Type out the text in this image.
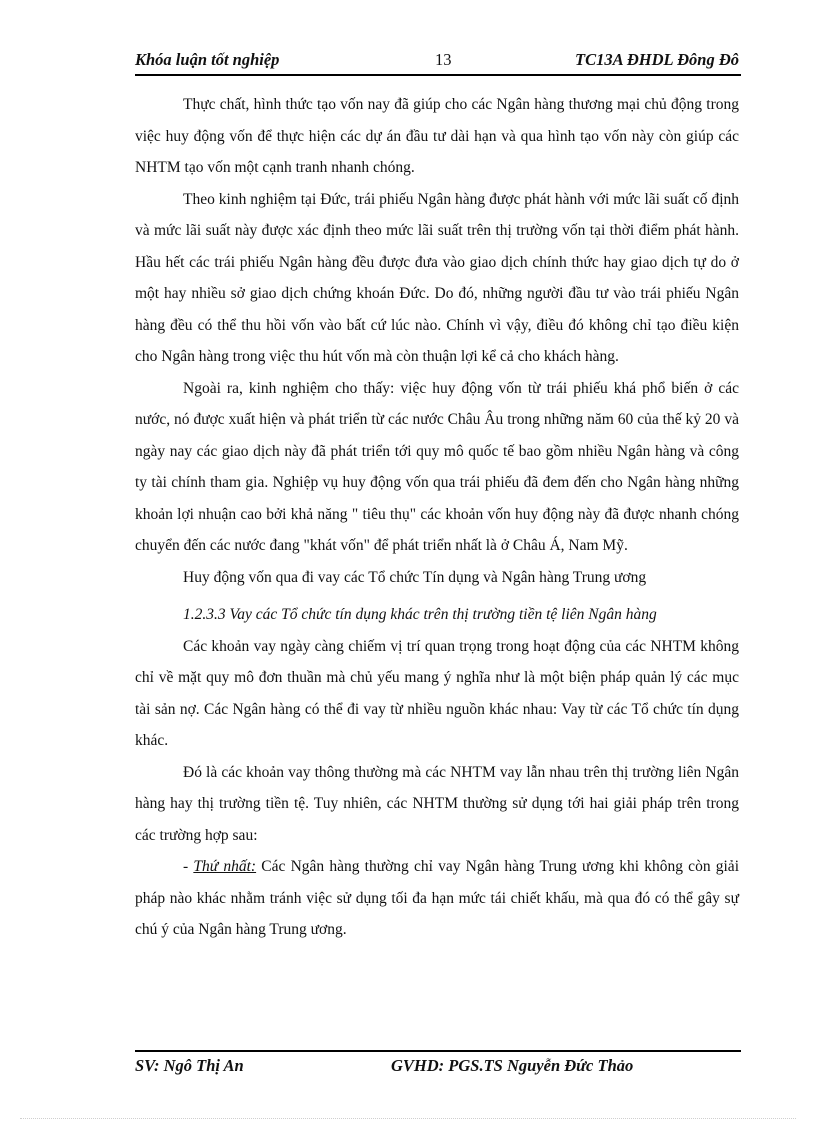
Khóa luận tốt nghiệp	13	TC13A ĐHDL Đông Đô

Thực chất, hình thức tạo vốn nay đã giúp cho các Ngân hàng thương mại chủ động trong việc huy động vốn để thực hiện các dự án đầu tư dài hạn và qua hình tạo vốn này còn giúp các NHTM tạo vốn một cạnh tranh nhanh chóng.

Theo kinh nghiệm tại Đức, trái phiếu Ngân hàng được phát hành với mức lãi suất cố định và mức lãi suất này được xác định theo mức lãi suất trên thị trường vốn tại thời điểm phát hành. Hầu hết các trái phiếu Ngân hàng đều được đưa vào giao dịch chính thức hay giao dịch tự do ở một hay nhiều sở giao dịch chứng khoán Đức. Do đó, những người đầu tư vào trái phiếu Ngân hàng đều có thể thu hồi vốn vào bất cứ lúc nào. Chính vì vậy, điều đó không chỉ tạo điều kiện cho Ngân hàng trong việc thu hút vốn mà còn thuận lợi kể cả cho khách hàng.

Ngoài ra, kinh nghiệm cho thấy: việc huy động vốn từ trái phiếu khá phổ biến ở các nước, nó được xuất hiện và phát triển từ các nước Châu Âu trong những năm 60 của thế kỷ 20 và ngày nay các giao dịch này đã phát triển tới quy mô quốc tế bao gồm nhiều Ngân hàng và công ty tài chính tham gia. Nghiệp vụ huy động vốn qua trái phiếu đã đem đến cho Ngân hàng những khoản lợi nhuận cao bởi khả năng " tiêu thụ" các khoản vốn huy động này đã được nhanh chóng chuyển đến các nước đang "khát vốn" để phát triển nhất là ở Châu Á, Nam Mỹ.

Huy động vốn qua đi vay các Tổ chức Tín dụng và Ngân hàng Trung ương

1.2.3.3 Vay các Tổ chức tín dụng khác trên thị trường tiền tệ liên Ngân hàng

Các khoản vay ngày càng chiếm vị trí quan trọng trong hoạt động của các NHTM không chỉ về mặt quy mô đơn thuần mà chủ yếu mang ý nghĩa như là một biện pháp quản lý các mục tài sản nợ. Các Ngân hàng có thể đi vay từ nhiều nguồn khác nhau: Vay từ các Tổ chức tín dụng khác.

Đó là các khoản vay thông thường mà các NHTM vay lẫn nhau trên thị trường liên Ngân hàng hay thị trường tiền tệ. Tuy nhiên, các NHTM thường sử dụng tới hai giải pháp trên trong các trường hợp sau:

- Thứ nhất: Các Ngân hàng thường chỉ vay Ngân hàng Trung ương khi không còn giải pháp nào khác nhằm tránh việc sử dụng tối đa hạn mức tái chiết khấu, mà qua đó có thể gây sự chú ý của Ngân hàng Trung ương.

SV: Ngô Thị An	GVHD: PGS.TS Nguyễn Đức Thảo
